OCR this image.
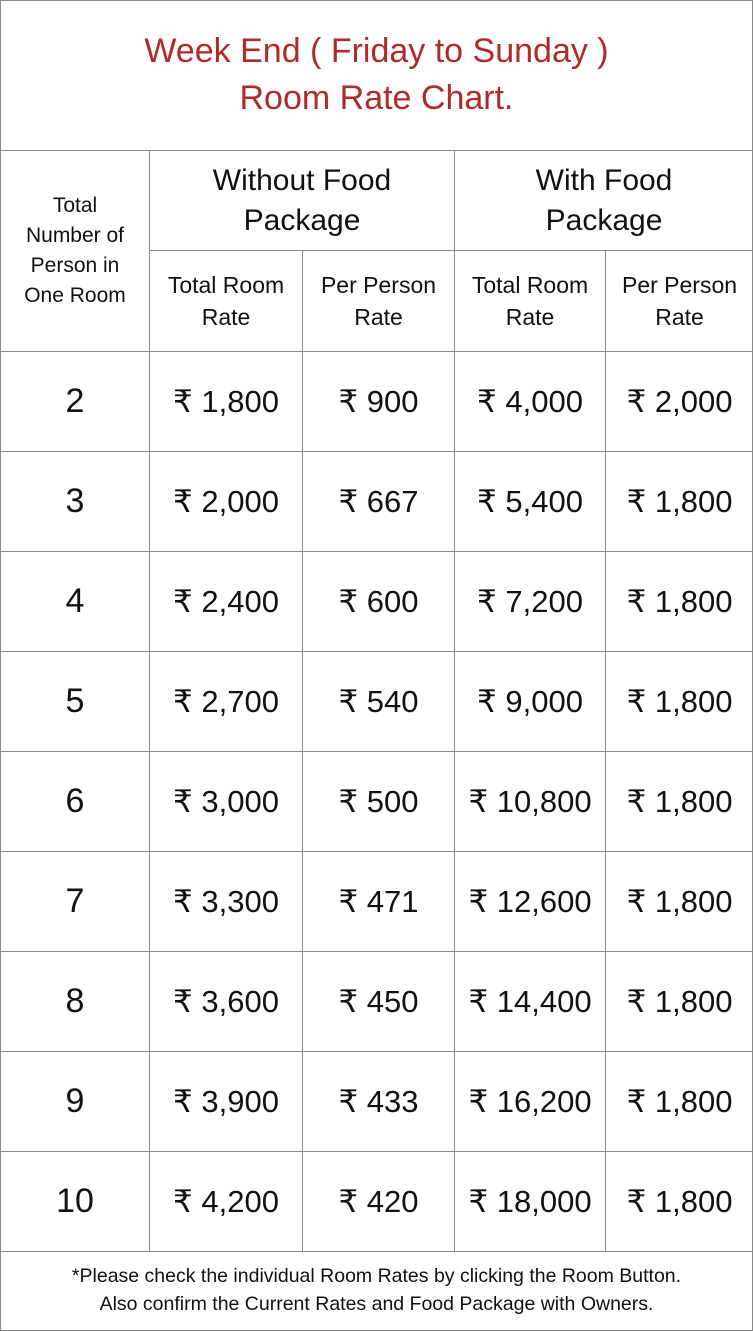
Week End ( Friday to Sunday )
Room Rate Chart.
Total Number of Person in One Room	Without Food Package		With Food Package	
	Total Room Rate	Per Person Rate	Total Room Rate	Per Person Rate
2	₹ 1,800	₹ 900	₹ 4,000	₹ 2,000
3	₹ 2,000	₹ 667	₹ 5,400	₹ 1,800
4	₹ 2,400	₹ 600	₹ 7,200	₹ 1,800
5	₹ 2,700	₹ 540	₹ 9,000	₹ 1,800
6	₹ 3,000	₹ 500	₹ 10,800	₹ 1,800
7	₹ 3,300	₹ 471	₹ 12,600	₹ 1,800
8	₹ 3,600	₹ 450	₹ 14,400	₹ 1,800
9	₹ 3,900	₹ 433	₹ 16,200	₹ 1,800
10	₹ 4,200	₹ 420	₹ 18,000	₹ 1,800
*Please check the individual Room Rates by clicking the Room Button.
Also confirm the Current Rates and Food Package with Owners.
